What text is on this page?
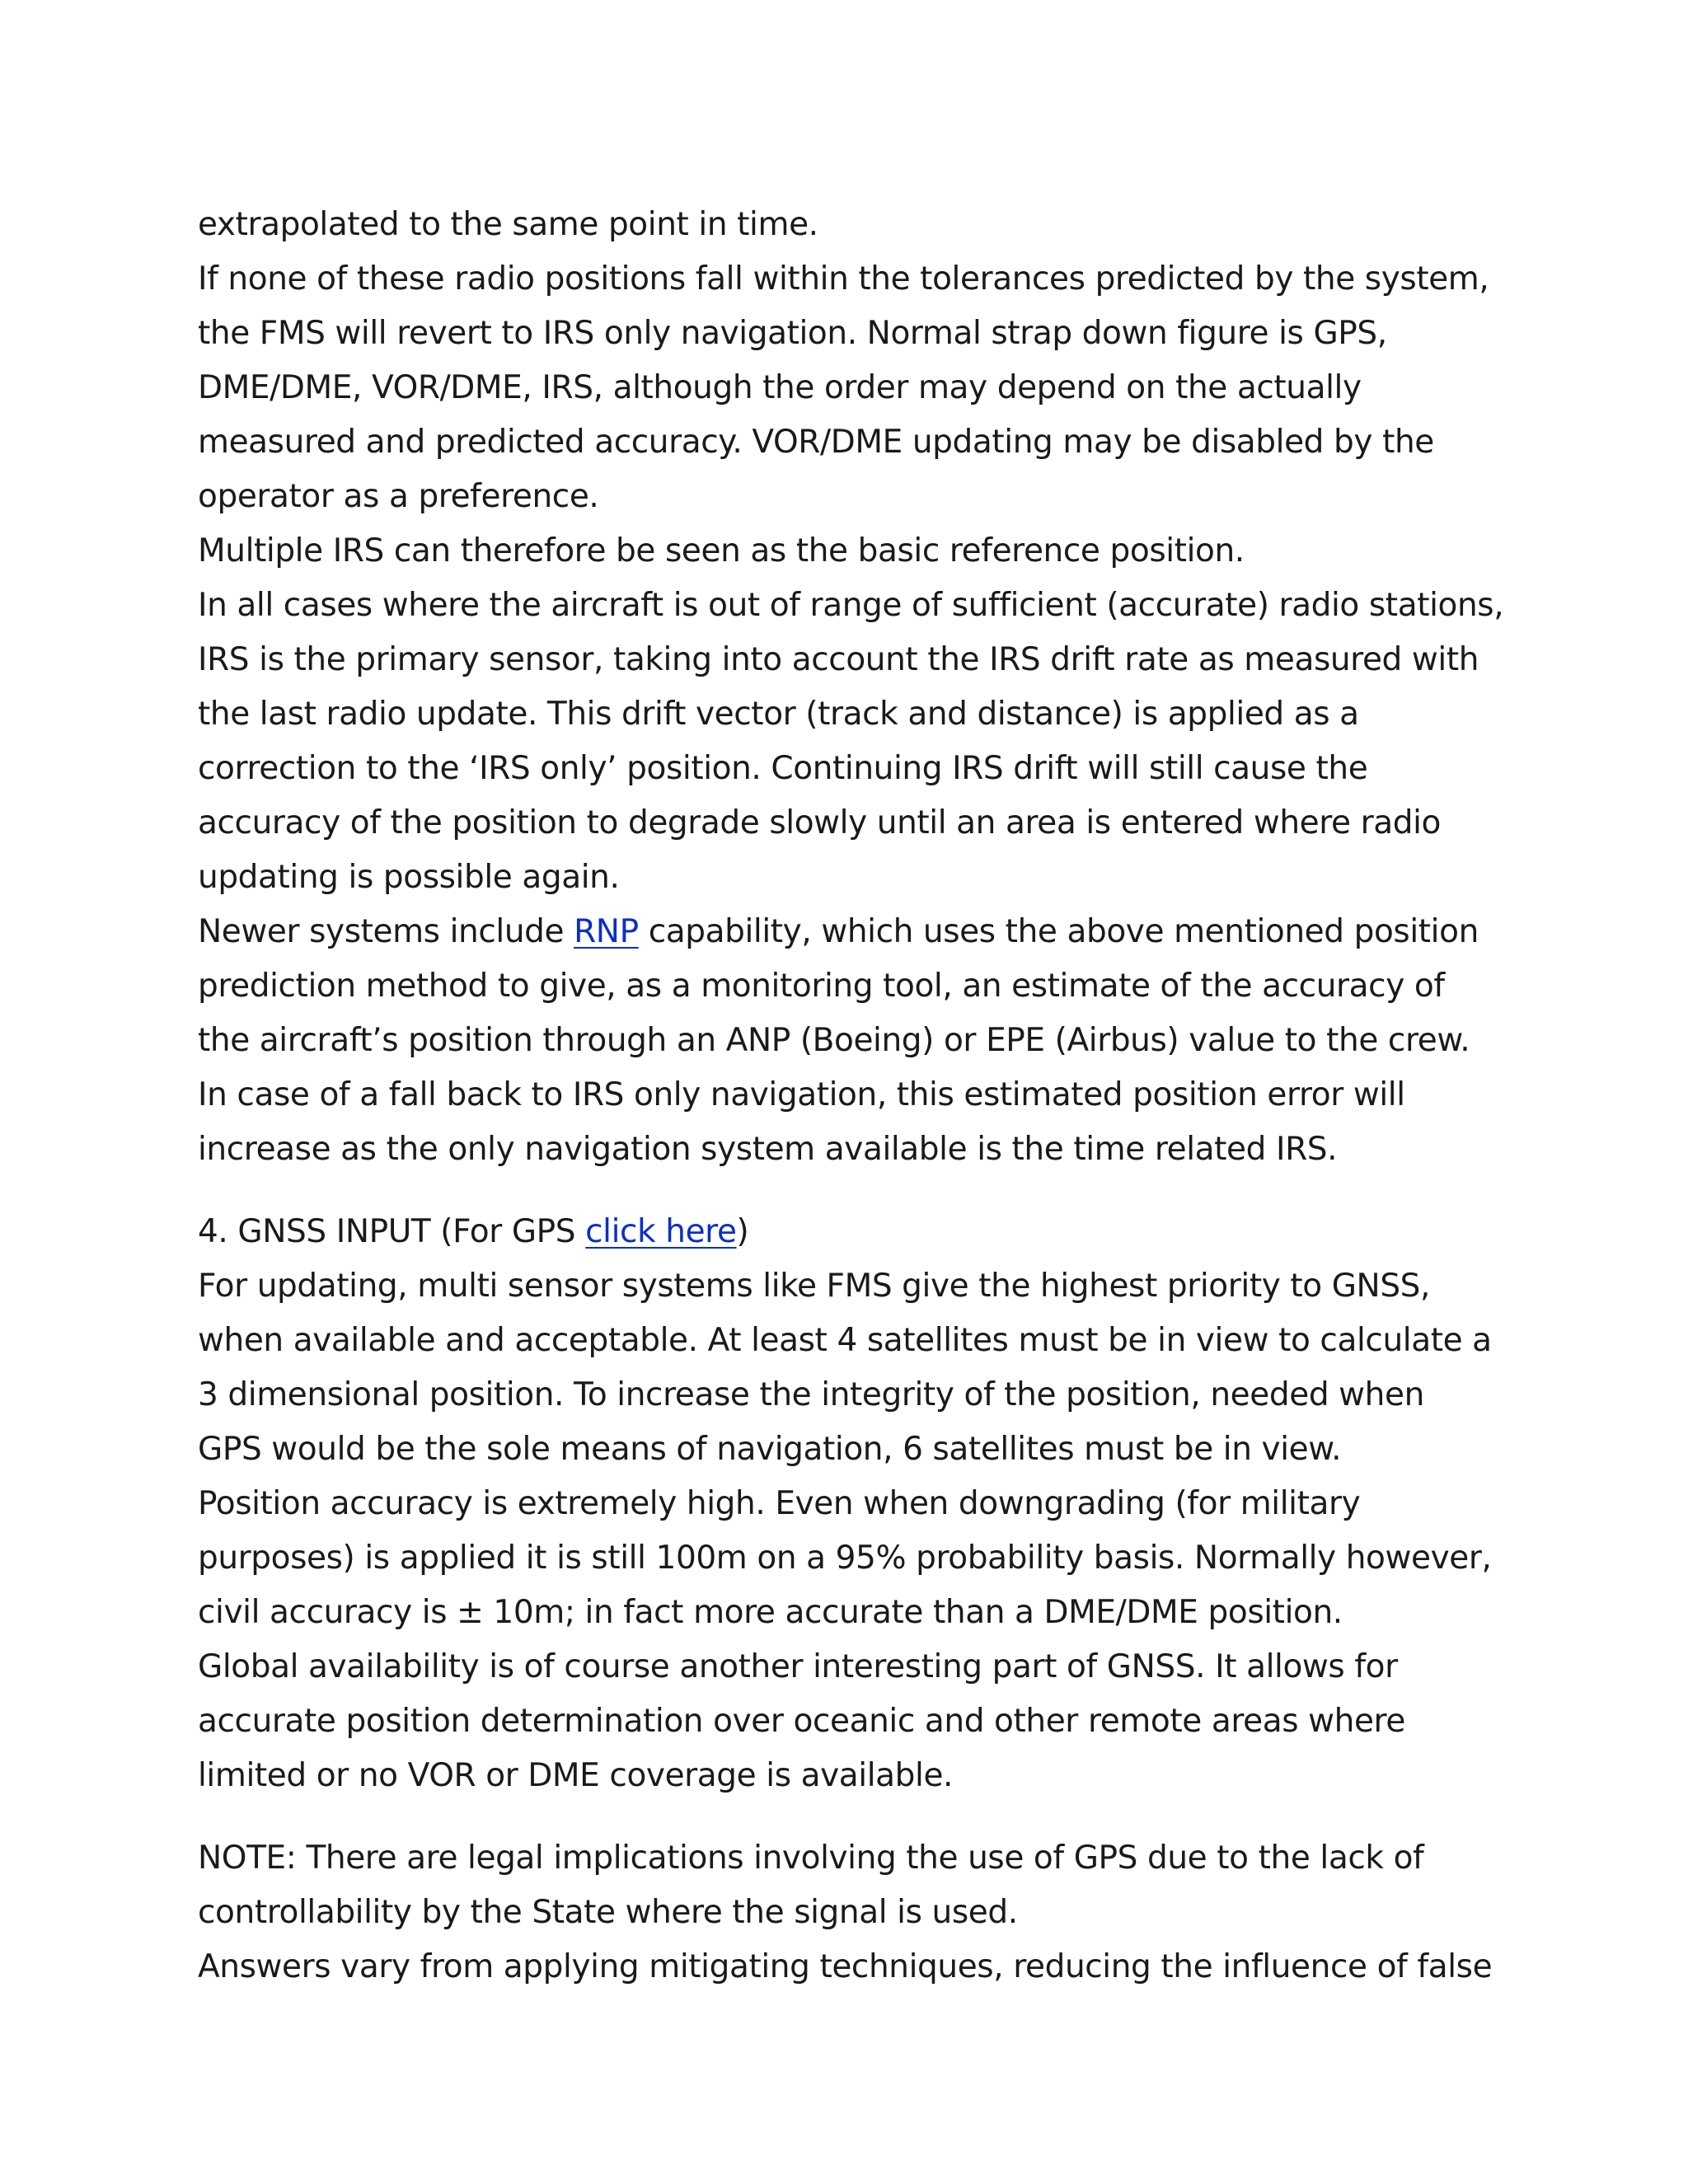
extrapolated to the same point in time.
If none of these radio positions fall within the tolerances predicted by the system,
the FMS will revert to IRS only navigation. Normal strap down figure is GPS,
DME/DME, VOR/DME, IRS, although the order may depend on the actually
measured and predicted accuracy. VOR/DME updating may be disabled by the
operator as a preference.
Multiple IRS can therefore be seen as the basic reference position.
In all cases where the aircraft is out of range of sufficient (accurate) radio stations,
IRS is the primary sensor, taking into account the IRS drift rate as measured with
the last radio update. This drift vector (track and distance) is applied as a
correction to the ‘IRS only’ position. Continuing IRS drift will still cause the
accuracy of the position to degrade slowly until an area is entered where radio
updating is possible again.
Newer systems include RNP capability, which uses the above mentioned position
prediction method to give, as a monitoring tool, an estimate of the accuracy of
the aircraft’s position through an ANP (Boeing) or EPE (Airbus) value to the crew.
In case of a fall back to IRS only navigation, this estimated position error will
increase as the only navigation system available is the time related IRS.
4. GNSS INPUT (For GPS click here)
For updating, multi sensor systems like FMS give the highest priority to GNSS,
when available and acceptable. At least 4 satellites must be in view to calculate a
3 dimensional position. To increase the integrity of the position, needed when
GPS would be the sole means of navigation, 6 satellites must be in view.
Position accuracy is extremely high. Even when downgrading (for military
purposes) is applied it is still 100m on a 95% probability basis. Normally however,
civil accuracy is ± 10m; in fact more accurate than a DME/DME position.
Global availability is of course another interesting part of GNSS. It allows for
accurate position determination over oceanic and other remote areas where
limited or no VOR or DME coverage is available.
NOTE: There are legal implications involving the use of GPS due to the lack of
controllability by the State where the signal is used.
Answers vary from applying mitigating techniques, reducing the influence of false
